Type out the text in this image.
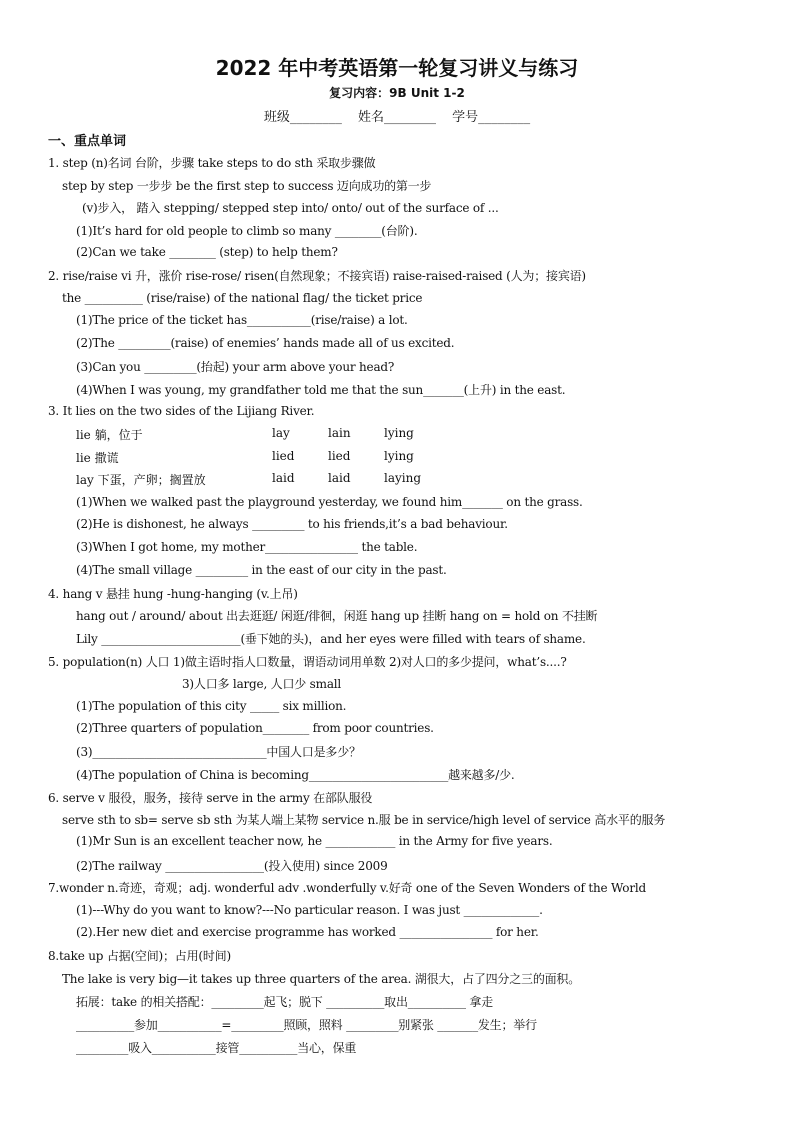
2022 年中考英语第一轮复习讲义与练习
复习内容：9B Unit 1-2
班级________ 姓名________ 学号________
一、重点单词
1. step (n)名词 台阶，步骤 take steps to do sth 采取步骤做
step by step 一步步 be the first step to success 迈向成功的第一步
(v)步入， 踏入 stepping/ stepped step into/ onto/ out of the surface of ...
(1)It’s hard for old people to climb so many ________(台阶).
(2)Can we take ________ (step) to help them?
2. rise/raise vi 升，涨价 rise-rose/ risen(自然现象；不接宾语) raise-raised-raised (人为；接宾语)
the __________ (rise/raise) of the national flag/ the ticket price
(1)The price of the ticket has___________(rise/raise) a lot.
(2)The _________(raise) of enemies’ hands made all of us excited.
(3)Can you _________(抬起) your arm above your head?
(4)When I was young, my grandfather told me that the sun_______(上升) in the east.
3. It lies on the two sides of the Lijiang River.
lie 躺，位于	lay	lain	lying
lie 撒谎	lied	lied	lying
lay 下蛋，产卵；搁置放	laid	laid	laying
(1)When we walked past the playground yesterday, we found him_______ on the grass.
(2)He is dishonest, he always _________ to his friends,it’s a bad behaviour.
(3)When I got home, my mother________________ the table.
(4)The small village _________ in the east of our city in the past.
4. hang v 悬挂 hung -hung-hanging (v.上吊)
hang out / around/ about 出去逛逛/ 闲逛/徘徊，闲逛 hang up 挂断 hang on = hold on 不挂断
Lily ________________________(垂下她的头)，and her eyes were filled with tears of shame.
5. population(n) 人口 1)做主语时指人口数量，谓语动词用单数 2)对人口的多少提问，what’s....?
3)人口多 large, 人口少 small
(1)The population of this city _____ six million.
(2)Three quarters of population________ from poor countries.
(3)______________________________中国人口是多少？
(4)The population of China is becoming________________________越来越多/少.
6. serve v 服役，服务，接待 serve in the army 在部队服役
serve sth to sb= serve sb sth 为某人端上某物 service n.服 be in service/high level of service 高水平的服务
(1)Mr Sun is an excellent teacher now, he ____________ in the Army for five years.
(2)The railway _________________(投入使用) since 2009
7.wonder n.奇迹，奇观；adj. wonderful adv .wonderfully v.好奇 one of the Seven Wonders of the World
(1)---Why do you want to know?---No particular reason. I was just _____________.
(2).Her new diet and exercise programme has worked ________________ for her.
8.take up 占据(空间)；占用(时间)
The lake is very big—it takes up three quarters of the area. 湖很大，占了四分之三的面积。
拓展：take 的相关搭配：_________起飞；脱下 __________取出__________ 拿走
__________参加___________=_________照顾，照料 _________别紧张 _______发生；举行
_________吸入___________接管__________当心，保重
